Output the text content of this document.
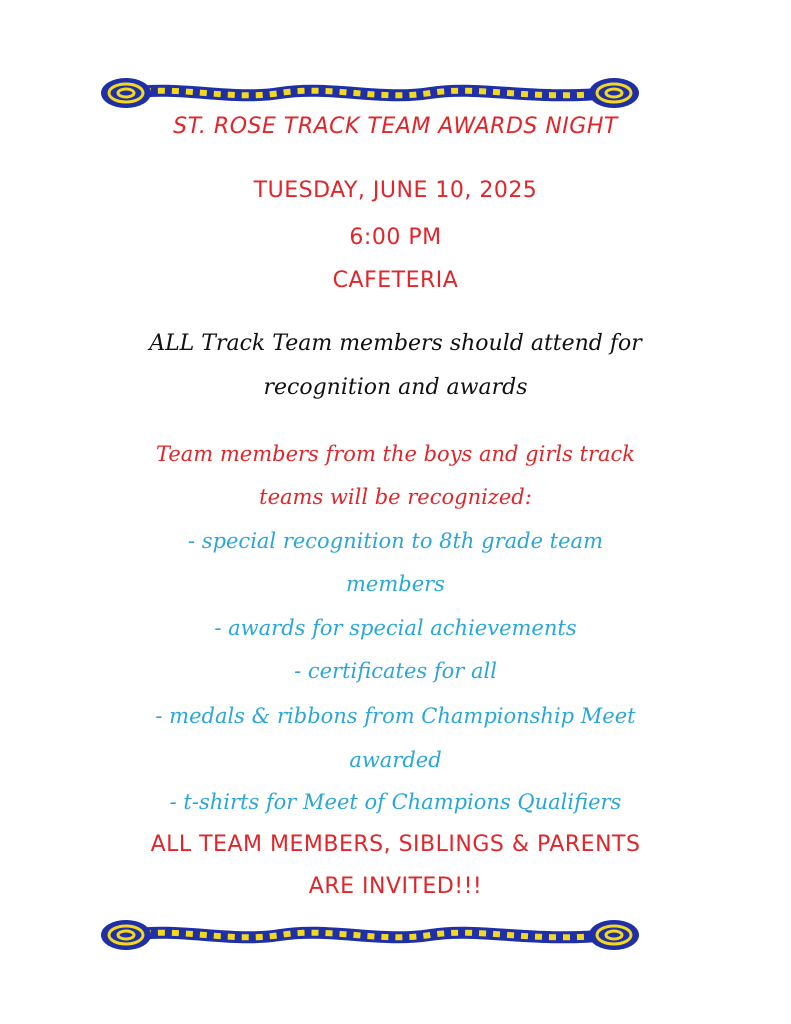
ST. ROSE TRACK TEAM AWARDS NIGHT
TUESDAY, JUNE 10, 2025
6:00 PM
CAFETERIA
ALL Track Team members should attend for
recognition and awards
Team members from the boys and girls track
teams will be recognized:
- special recognition to 8th grade team
members
- awards for special achievements
- certificates for all
- medals & ribbons from Championship Meet
awarded
- t-shirts for Meet of Champions Qualifiers
ALL TEAM MEMBERS, SIBLINGS & PARENTS
ARE INVITED!!!
